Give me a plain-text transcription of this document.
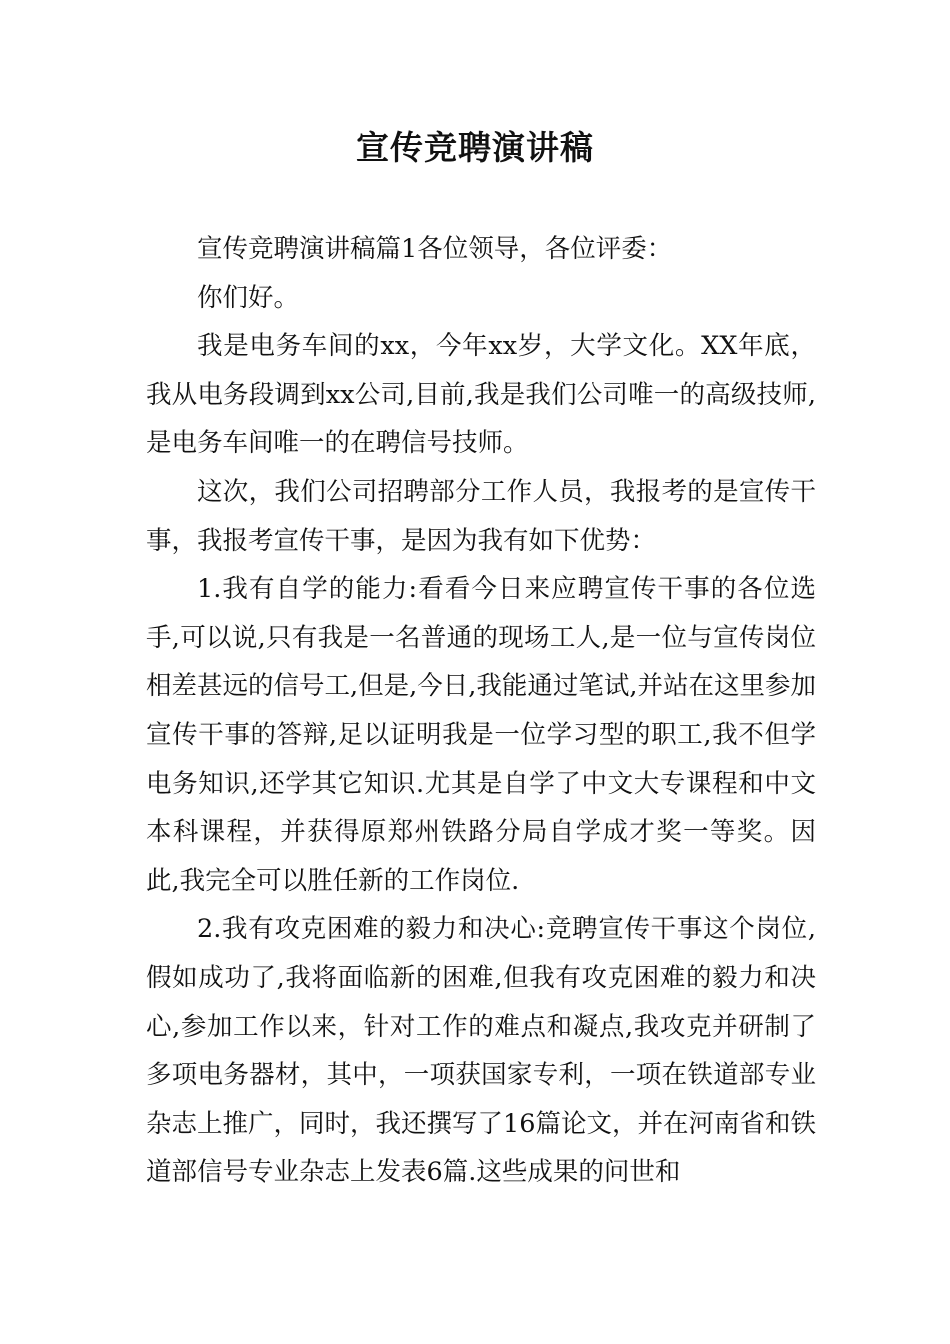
宣传竞聘演讲稿

宣传竞聘演讲稿篇1各位领导，各位评委：

你们好。

我是电务车间的xx，今年xx岁，大学文化。XX年底，我从电务段调到xx公司,目前,我是我们公司唯一的高级技师,是电务车间唯一的在聘信号技师。

这次，我们公司招聘部分工作人员，我报考的是宣传干事，我报考宣传干事，是因为我有如下优势：

1.我有自学的能力:看看今日来应聘宣传干事的各位选手,可以说,只有我是一名普通的现场工人,是一位与宣传岗位相差甚远的信号工,但是,今日,我能通过笔试,并站在这里参加宣传干事的答辩,足以证明我是一位学习型的职工,我不但学电务知识,还学其它知识.尤其是自学了中文大专课程和中文本科课程，并获得原郑州铁路分局自学成才奖一等奖。因此,我完全可以胜任新的工作岗位.

2.我有攻克困难的毅力和决心:竞聘宣传干事这个岗位,假如成功了,我将面临新的困难,但我有攻克困难的毅力和决心,参加工作以来，针对工作的难点和凝点,我攻克并研制了多项电务器材，其中，一项获国家专利，一项在铁道部专业杂志上推广，同时，我还撰写了16篇论文，并在河南省和铁道部信号专业杂志上发表6篇.这些成果的问世和
